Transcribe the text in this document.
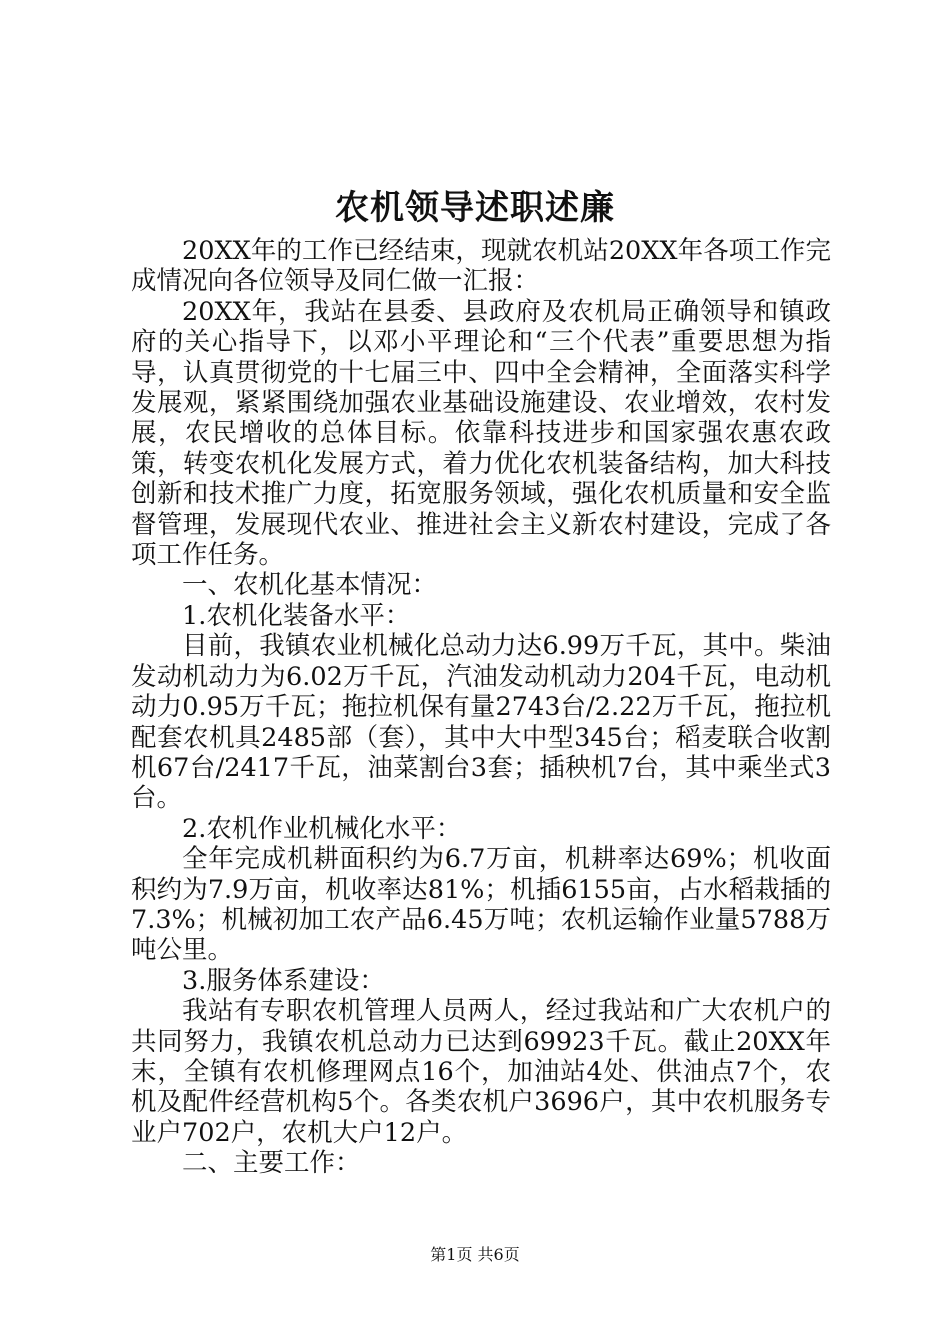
农机领导述职述廉

20XX年的工作已经结束，现就农机站20XX年各项工作完成情况向各位领导及同仁做一汇报：

20XX年，我站在县委、县政府及农机局正确领导和镇政府的关心指导下，以邓小平理论和“三个代表”重要思想为指导，认真贯彻党的十七届三中、四中全会精神，全面落实科学发展观，紧紧围绕加强农业基础设施建设、农业增效，农村发展，农民增收的总体目标。依靠科技进步和国家强农惠农政策，转变农机化发展方式，着力优化农机装备结构，加大科技创新和技术推广力度，拓宽服务领域，强化农机质量和安全监督管理，发展现代农业、推进社会主义新农村建设，完成了各项工作任务。

一、农机化基本情况：

1.农机化装备水平：

目前，我镇农业机械化总动力达6.99万千瓦，其中。柴油发动机动力为6.02万千瓦，汽油发动机动力204千瓦，电动机动力0.95万千瓦；拖拉机保有量2743台/2.22万千瓦，拖拉机配套农机具2485部（套），其中大中型345台；稻麦联合收割机67台/2417千瓦，油菜割台3套；插秧机7台，其中乘坐式3台。

2.农机作业机械化水平：

全年完成机耕面积约为6.7万亩，机耕率达69%；机收面积约为7.9万亩，机收率达81%；机插6155亩，占水稻栽插的7.3%；机械初加工农产品6.45万吨；农机运输作业量5788万吨公里。

3.服务体系建设：

我站有专职农机管理人员两人，经过我站和广大农机户的共同努力，我镇农机总动力已达到69923千瓦。截止20XX年末，全镇有农机修理网点16个，加油站4处、供油点7个，农机及配件经营机构5个。各类农机户3696户，其中农机服务专业户702户，农机大户12户。

二、主要工作：

第1页 共6页
